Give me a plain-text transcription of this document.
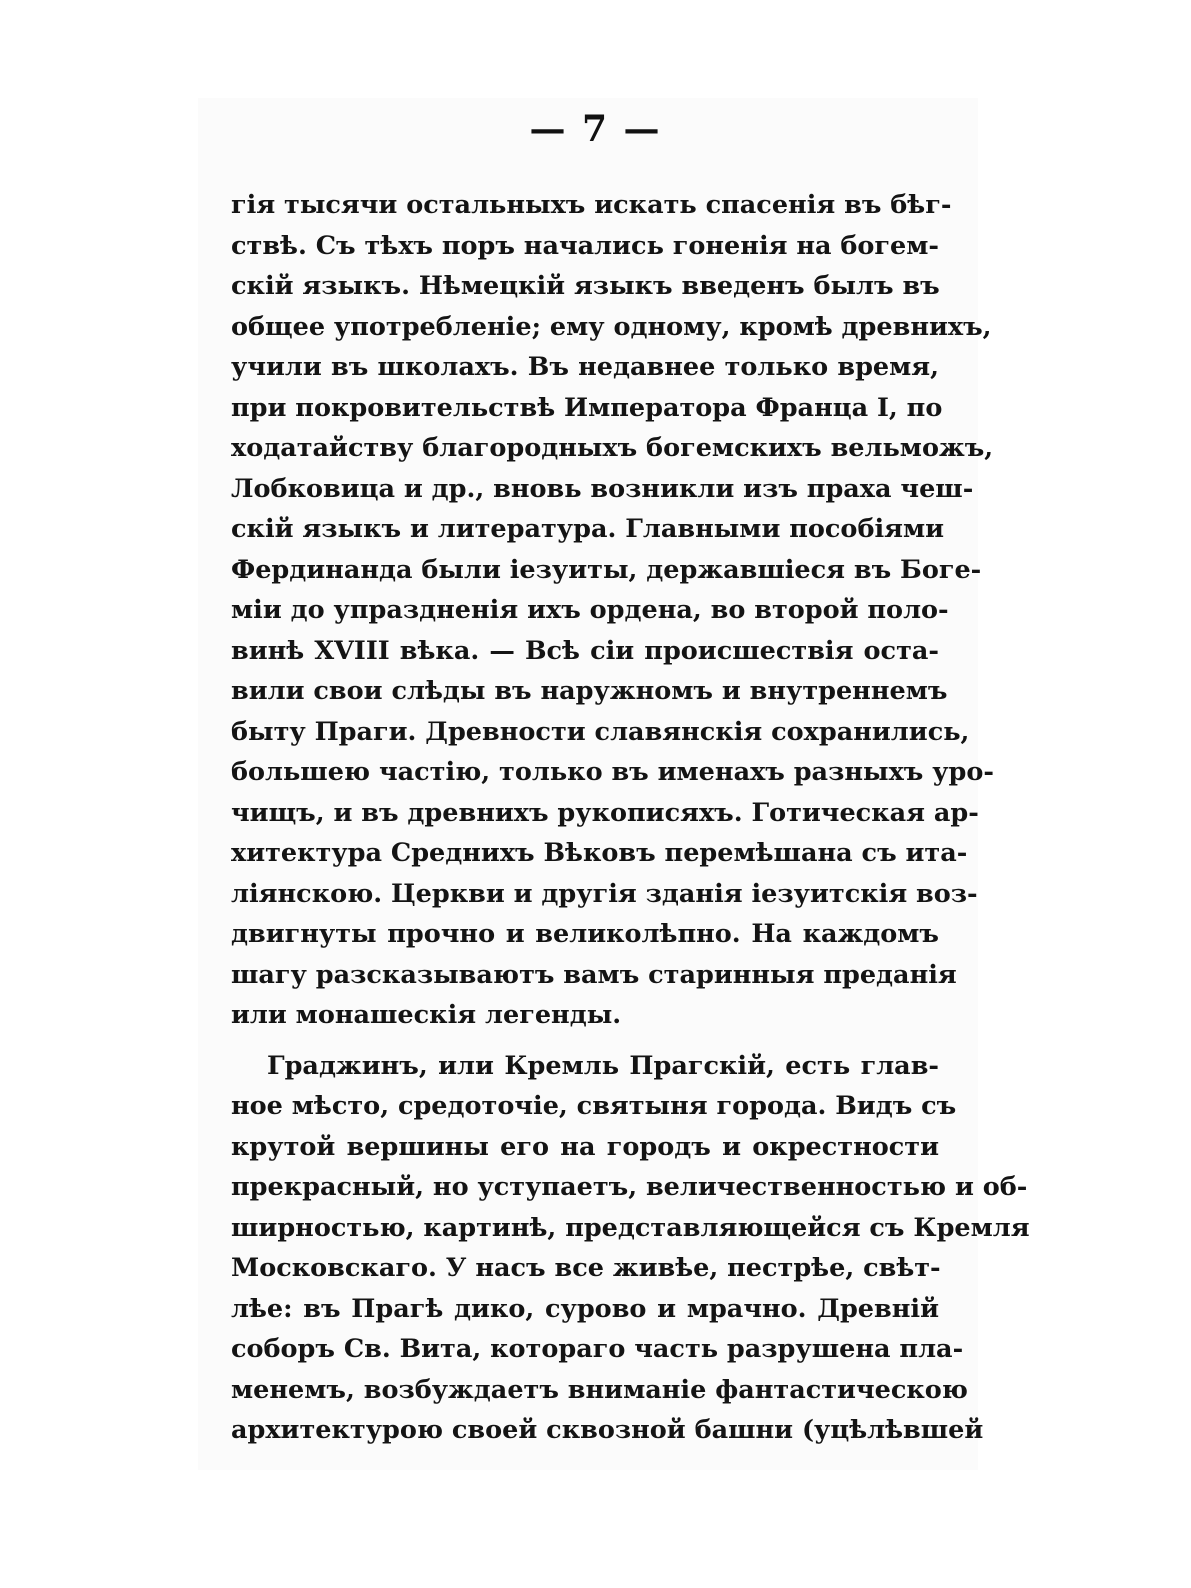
— 7 —
гія тысячи остальныхъ искать спасенія въ бѣг-
ствѣ. Съ тѣхъ поръ начались гоненія на богем-
скій языкъ. Нѣмецкій языкъ введенъ былъ въ
общее употребленіе; ему одному, кромѣ древнихъ,
учили въ школахъ. Въ недавнее только время,
при покровительствѣ Императора Франца I, по
ходатайству благородныхъ богемскихъ вельможъ,
Лобковица и др., вновь возникли изъ праха чеш-
скій языкъ и литература. Главными пособіями
Фердинанда были іезуиты, державшіеся въ Боге-
міи до упраздненія ихъ ордена, во второй поло-
винѣ XVIII вѣка. — Всѣ сіи происшествія оста-
вили свои слѣды въ наружномъ и внутреннемъ
быту Праги. Древности славянскія сохранились,
большею частію, только въ именахъ разныхъ уро-
чищъ, и въ древнихъ рукописяхъ. Готическая ар-
хитектура Среднихъ Вѣковъ перемѣшана съ ита-
ліянскою. Церкви и другія зданія іезуитскія воз-
двигнуты прочно и великолѣпно. На каждомъ
шагу разсказываютъ вамъ старинныя преданія
или монашескія легенды.
Граджинъ, или Кремль Прагскій, есть глав-
ное мѣсто, средоточіе, святыня города. Видъ съ
крутой вершины его на городъ и окрестности
прекрасный, но уступаетъ, величественностью и об-
ширностью, картинѣ, представляющейся съ Кремля
Московскаго. У насъ все живѣе, пестрѣе, свѣт-
лѣе: въ Прагѣ дико, сурово и мрачно. Древній
соборъ Св. Вита, котораго часть разрушена пла-
менемъ, возбуждаетъ вниманіе фантастическою
архитектурою своей сквозной башни (уцѣлѣвшей
